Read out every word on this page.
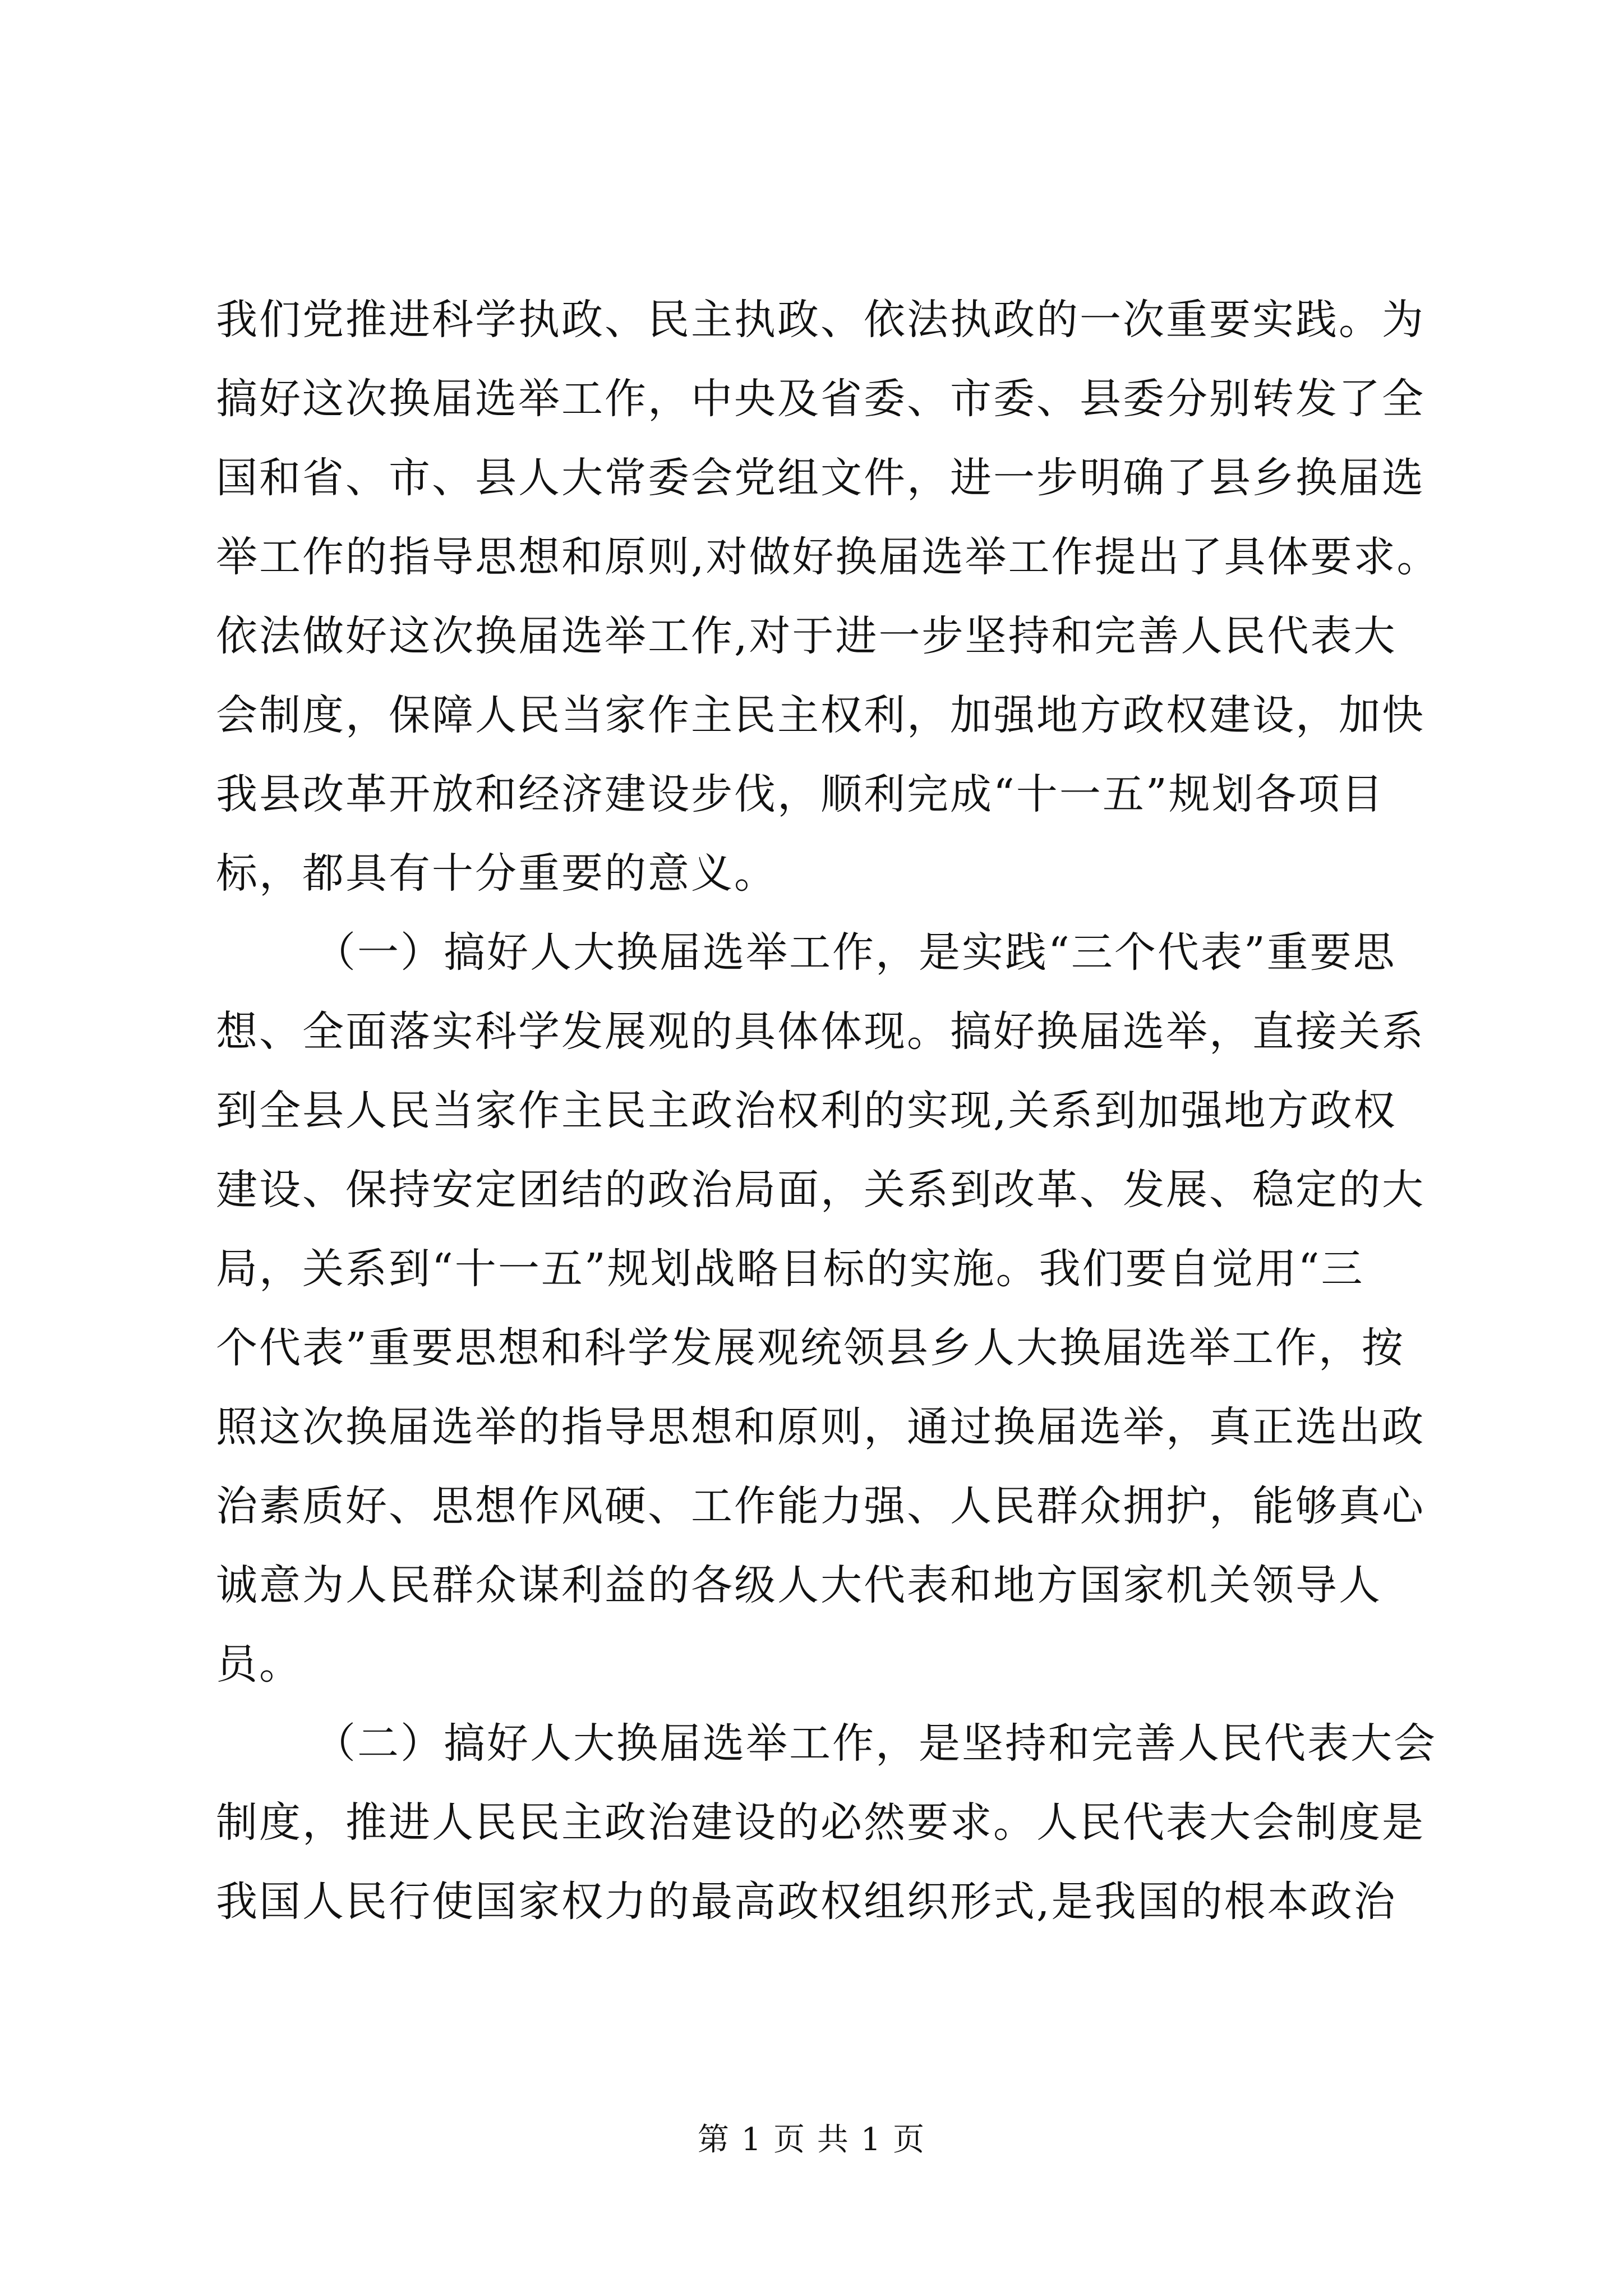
我们党推进科学执政、民主执政、依法执政的一次重要实践。为
搞好这次换届选举工作，中央及省委、市委、县委分别转发了全
国和省、市、县人大常委会党组文件，进一步明确了县乡换届选
举工作的指导思想和原则,对做好换届选举工作提出了具体要求。
依法做好这次换届选举工作,对于进一步坚持和完善人民代表大
会制度，保障人民当家作主民主权利，加强地方政权建设，加快
我县改革开放和经济建设步伐，顺利完成“十一五”规划各项目
标，都具有十分重要的意义。
（一）搞好人大换届选举工作，是实践“三个代表”重要思
想、全面落实科学发展观的具体体现。搞好换届选举，直接关系
到全县人民当家作主民主政治权利的实现,关系到加强地方政权
建设、保持安定团结的政治局面，关系到改革、发展、稳定的大
局，关系到“十一五”规划战略目标的实施。我们要自觉用“三
个代表”重要思想和科学发展观统领县乡人大换届选举工作，按
照这次换届选举的指导思想和原则，通过换届选举，真正选出政
治素质好、思想作风硬、工作能力强、人民群众拥护，能够真心
诚意为人民群众谋利益的各级人大代表和地方国家机关领导人
员。
（二）搞好人大换届选举工作，是坚持和完善人民代表大会
制度，推进人民民主政治建设的必然要求。人民代表大会制度是
我国人民行使国家权力的最高政权组织形式,是我国的根本政治
第 1 页 共 1 页
